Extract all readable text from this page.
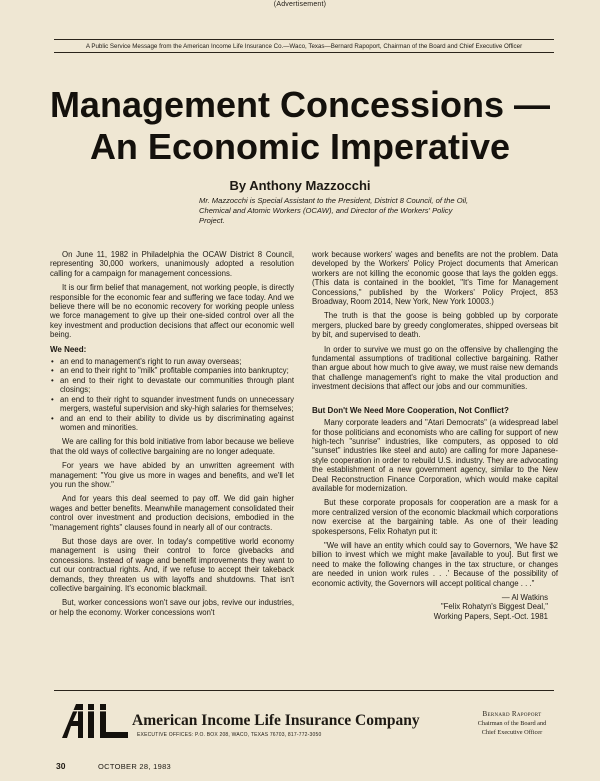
(Advertisement)
A Public Service Message from the American Income Life Insurance Co.—Waco, Texas—Bernard Rapoport, Chairman of the Board and Chief Executive Officer
Management Concessions —
An Economic Imperative
By Anthony Mazzocchi
Mr. Mazzocchi is Special Assistant to the President, District 8 Council, of the Oil, Chemical and Atomic Workers (OCAW), and Director of the Workers' Policy Project.

On June 11, 1982 in Philadelphia the OCAW District 8 Council, representing 30,000 workers, unanimously adopted a resolution calling for a campaign for management concessions.

It is our firm belief that management, not working people, is directly responsible for the economic fear and suffering we face today. And we believe there will be no economic recovery for working people unless we force management to give up their one-sided control over all the key investment and production decisions that affect our economic well being.

We Need:
• an end to management's right to run away overseas;
• an end to their right to "milk" profitable companies into bankruptcy;
• an end to their right to devastate our communities through plant closings;
• an end to their right to squander investment funds on unnecessary mergers, wasteful supervision and sky-high salaries for themselves;
• and an end to their ability to divide us by discriminating against women and minorities.

We are calling for this bold initiative from labor because we believe that the old ways of collective bargaining are no longer adequate.

For years we have abided by an unwritten agreement with management: "You give us more in wages and benefits, and we'll let you run the show."

And for years this deal seemed to pay off. We did gain higher wages and better benefits. Meanwhile management consolidated their control over investment and production decisions, embodied in the "management rights" clauses found in nearly all of our contracts.

But those days are over. In today's competitive world economy management is using their control to force givebacks and concessions. Instead of wage and benefit improvements they want to cut our contractual rights. And, if we refuse to accept their takeback demands, they threaten us with layoffs and shutdowns. That isn't collective bargaining. It's economic blackmail.

But, worker concessions won't save our jobs, revive our industries, or help the economy. Worker concessions won't

work because workers' wages and benefits are not the problem. Data developed by the Workers' Policy Project documents that American workers are not killing the economic goose that lays the golden eggs. (This data is contained in the booklet, "It's Time for Management Concessions," published by the Workers' Policy Project, 853 Broadway, Room 2014, New York, New York 10003.)

The truth is that the goose is being gobbled up by corporate mergers, plucked bare by greedy conglomerates, shipped overseas bit by bit, and supervised to death.

In order to survive we must go on the offensive by challenging the fundamental assumptions of traditional collective bargaining. Rather than argue about how much to give away, we must raise new demands that challenge management's right to make the vital production and investment decisions that affect our jobs and our communities.

But Don't We Need More Cooperation, Not Conflict?

Many corporate leaders and "Atari Democrats" (a widespread label for those politicians and economists who are calling for support of new high-tech "sunrise" industries, like computers, as opposed to old "sunset" industries like steel and auto) are calling for more Japanese-style cooperation in order to rebuild U.S. industry. They are advocating the establishment of a new government agency, similar to the New Deal Reconstruction Finance Corporation, which would make capital available for modernization.

But these corporate proposals for cooperation are a mask for a more centralized version of the economic blackmail which corporations now exercise at the bargaining table. As one of their leading spokespersons, Felix Rohatyn put it:

"We will have an entity which could say to Governors, 'We have $2 billion to invest which we might make [available to you]. But first we need to make the following changes in the tax structure, or changes are needed in union work rules . . .' Because of the possibility of economic activity, the Governors will accept political change . . ."

— Al Watkins
"Felix Rohatyn's Biggest Deal,"
Working Papers, Sept.-Oct. 1981
American Income Life Insurance Company
EXECUTIVE OFFICES: P.O. BOX 208, WACO, TEXAS 76703, 817-772-3050
Bernard Rapoport
Chairman of the Board and
Chief Executive Officer
30	OCTOBER 28, 1983
